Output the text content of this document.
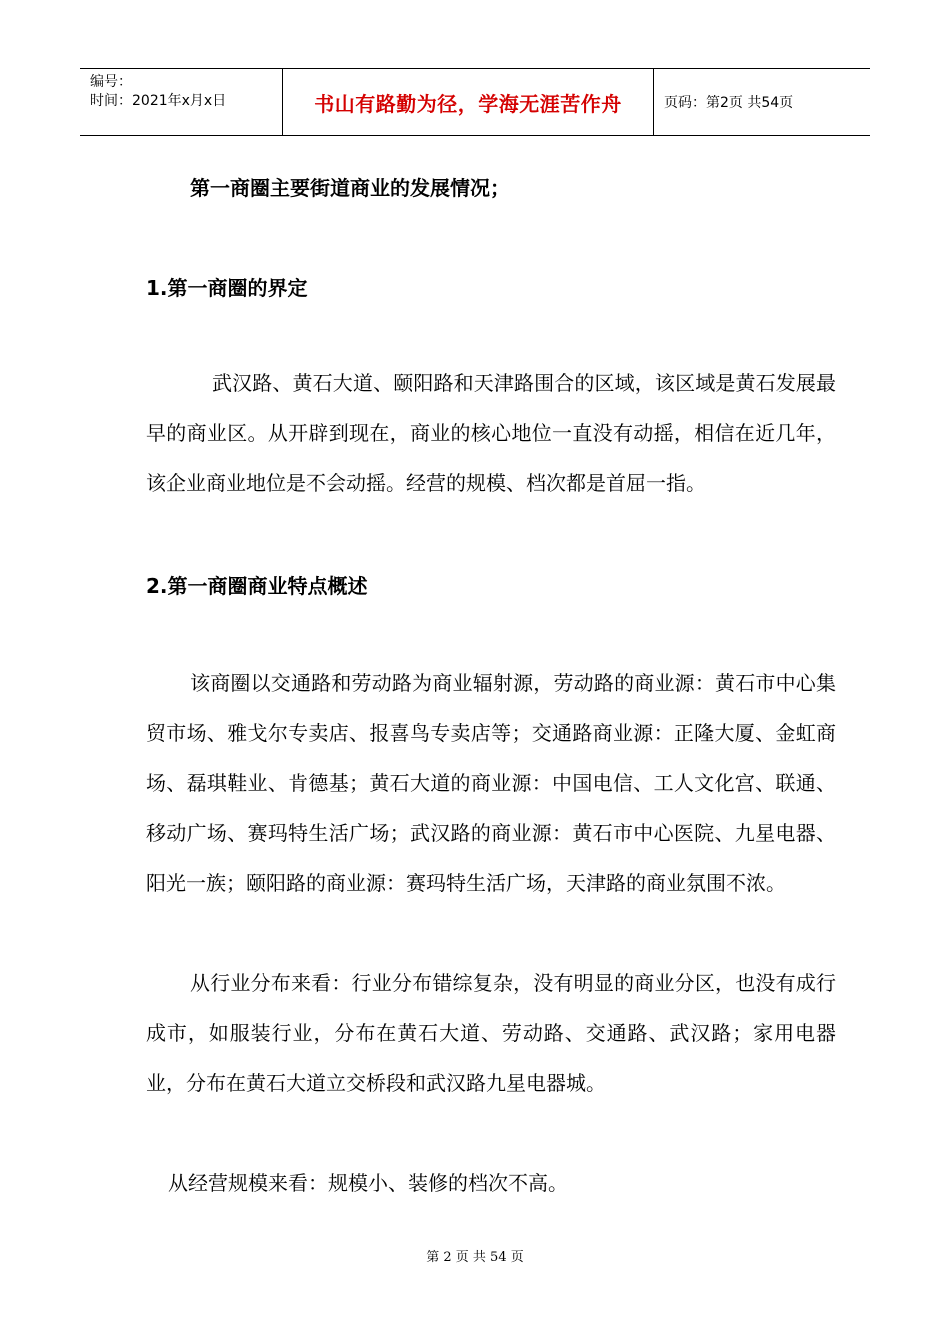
编号：
时间：2021年x月x日	书山有路勤为径，学海无涯苦作舟	页码：第2页 共54页
第一商圈主要街道商业的发展情况；
1.第一商圈的界定
武汉路、黄石大道、颐阳路和天津路围合的区域，该区域是黄石发展最早的商业区。从开辟到现在，商业的核心地位一直没有动摇，相信在近几年，该企业商业地位是不会动摇。经营的规模、档次都是首屈一指。
2.第一商圈商业特点概述
该商圈以交通路和劳动路为商业辐射源，劳动路的商业源：黄石市中心集贸市场、雅戈尔专卖店、报喜鸟专卖店等；交通路商业源：正隆大厦、金虹商场、磊琪鞋业、肯德基；黄石大道的商业源：中国电信、工人文化宫、联通、移动广场、赛玛特生活广场；武汉路的商业源：黄石市中心医院、九星电器、阳光一族；颐阳路的商业源：赛玛特生活广场，天津路的商业氛围不浓。
从行业分布来看：行业分布错综复杂，没有明显的商业分区，也没有成行成市，如服装行业，分布在黄石大道、劳动路、交通路、武汉路；家用电器业，分布在黄石大道立交桥段和武汉路九星电器城。
从经营规模来看：规模小、装修的档次不高。
第 2 页 共 54 页
